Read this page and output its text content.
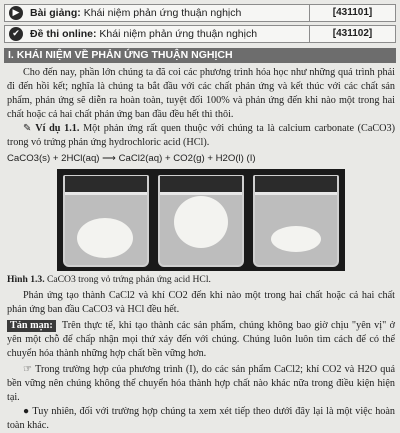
▶	Bài giảng: Khái niệm phản ứng thuận nghịch	[431101]
✔ Đề thi online: Khái niệm phản ứng thuận nghịch	[431102]
I. KHÁI NIỆM VỀ PHẢN ỨNG THUẬN NGHỊCH

Cho đến nay, phần lớn chúng ta đã coi các phương trình hóa học như những quá trình phải đi đến hồi kết; nghĩa là chúng ta bắt đầu với các chất phản ứng và kết thúc với các chất sản phẩm, phản ứng sẽ diễn ra hoàn toàn, tuyệt đối 100% và phản ứng đến khi nào một trong hai chất hoặc cả hai chất phản ứng ban đầu đều hết thì thôi.

✎ Ví dụ 1.1. Một phản ứng rất quen thuộc với chúng ta là calcium carbonate (CaCO3) trong vỏ trứng phản ứng hydrochloric acid (HCl).

CaCO3(s) + 2HCl(aq) ⟶ CaCl2(aq) + CO2(g) + H2O(l) (I)

Hình 1.3. CaCO3 trong vỏ trứng phản ứng acid HCl.

Phản ứng tạo thành CaCl2 và khí CO2 đến khi nào một trong hai chất hoặc cả hai chất phản ứng ban đầu CaCO3 và HCl đều hết.

Tản mạn: Trên thực tế, khi tạo thành các sản phẩm, chúng không bao giờ chịu "yên vị" ở yên một chỗ để chấp nhận mọi thứ xảy đến với chúng. Chúng luôn luôn tìm cách để có thể chuyển hóa thành những hợp chất bền vững hơn.

☞ Trong trường hợp của phương trình (I), do các sản phẩm CaCl2; khí CO2 và H2O quá bền vững nên chúng không thể chuyển hóa thành hợp chất nào khác nữa trong điều kiện hiện tại.

● Tuy nhiên, đối với trường hợp chúng ta xem xét tiếp theo dưới đây lại là một việc hoàn toàn khác.
